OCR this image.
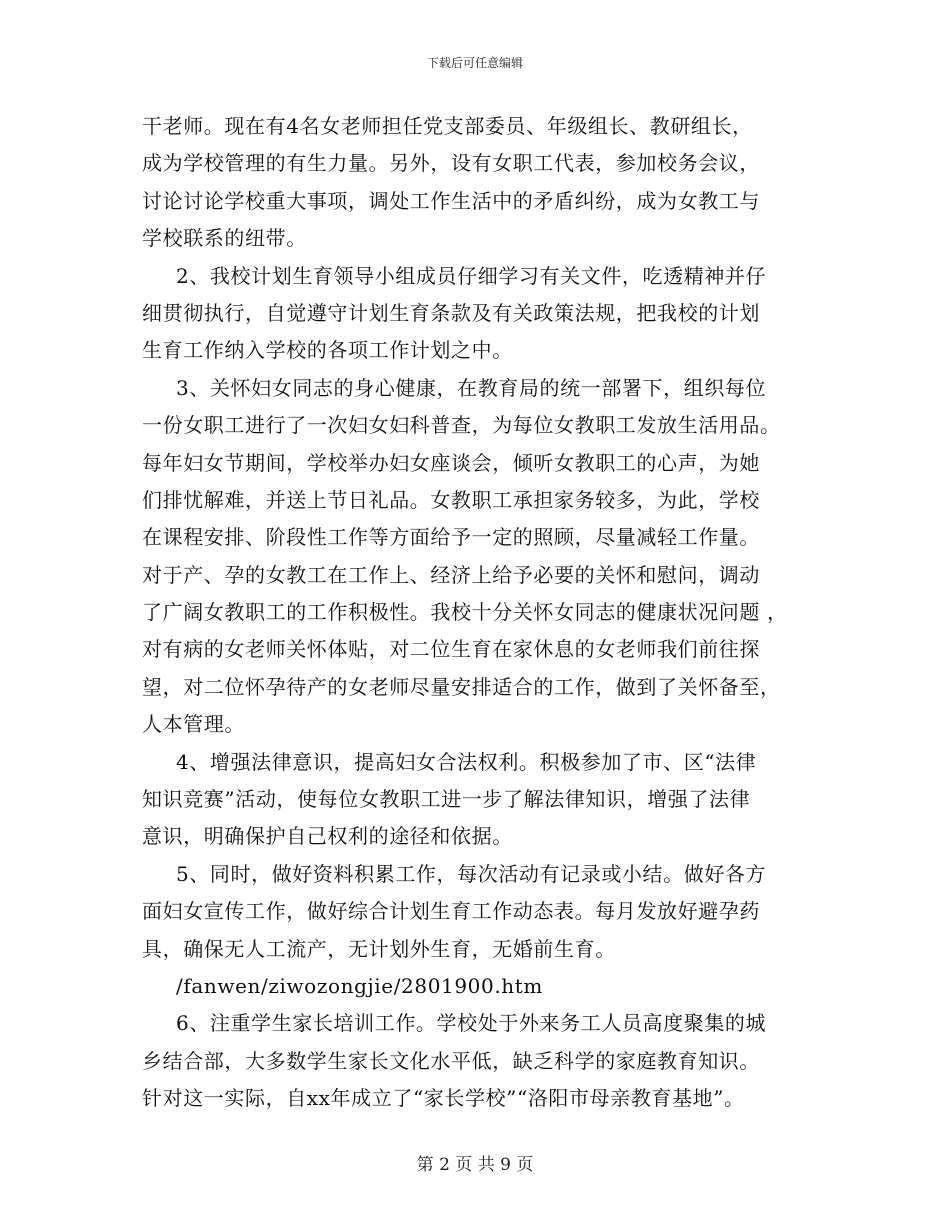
下载后可任意编辑
干老师。现在有4名女老师担任党支部委员、年级组长、教研组长，
成为学校管理的有生力量。另外，设有女职工代表，参加校务会议，
讨论讨论学校重大事项，调处工作生活中的矛盾纠纷，成为女教工与
学校联系的纽带。
2、我校计划生育领导小组成员仔细学习有关文件，吃透精神并仔
细贯彻执行，自觉遵守计划生育条款及有关政策法规，把我校的计划
生育工作纳入学校的各项工作计划之中。
3、关怀妇女同志的身心健康，在教育局的统一部署下，组织每位
一份女职工进行了一次妇女妇科普查，为每位女教职工发放生活用品。
每年妇女节期间，学校举办妇女座谈会，倾听女教职工的心声，为她
们排忧解难，并送上节日礼品。女教职工承担家务较多，为此，学校
在课程安排、阶段性工作等方面给予一定的照顾，尽量减轻工作量。
对于产、孕的女教工在工作上、经济上给予必要的关怀和慰问，调动
了广阔女教职工的工作积极性。我校十分关怀女同志的健康状况问题 ，
对有病的女老师关怀体贴，对二位生育在家休息的女老师我们前往探
望，对二位怀孕待产的女老师尽量安排适合的工作，做到了关怀备至，
人本管理。
4、增强法律意识，提高妇女合法权利。积极参加了市、区“法律
知识竞赛”活动，使每位女教职工进一步了解法律知识，增强了法律
意识，明确保护自己权利的途径和依据。
5、同时，做好资料积累工作，每次活动有记录或小结。做好各方
面妇女宣传工作，做好综合计划生育工作动态表。每月发放好避孕药
具，确保无人工流产，无计划外生育，无婚前生育。
/fanwen/ziwozongjie/2801900.htm
6、注重学生家长培训工作。学校处于外来务工人员高度聚集的城
乡结合部，大多数学生家长文化水平低，缺乏科学的家庭教育知识。
针对这一实际，自xx年成立了“家长学校”“洛阳市母亲教育基地”。
第 2 页 共 9 页
